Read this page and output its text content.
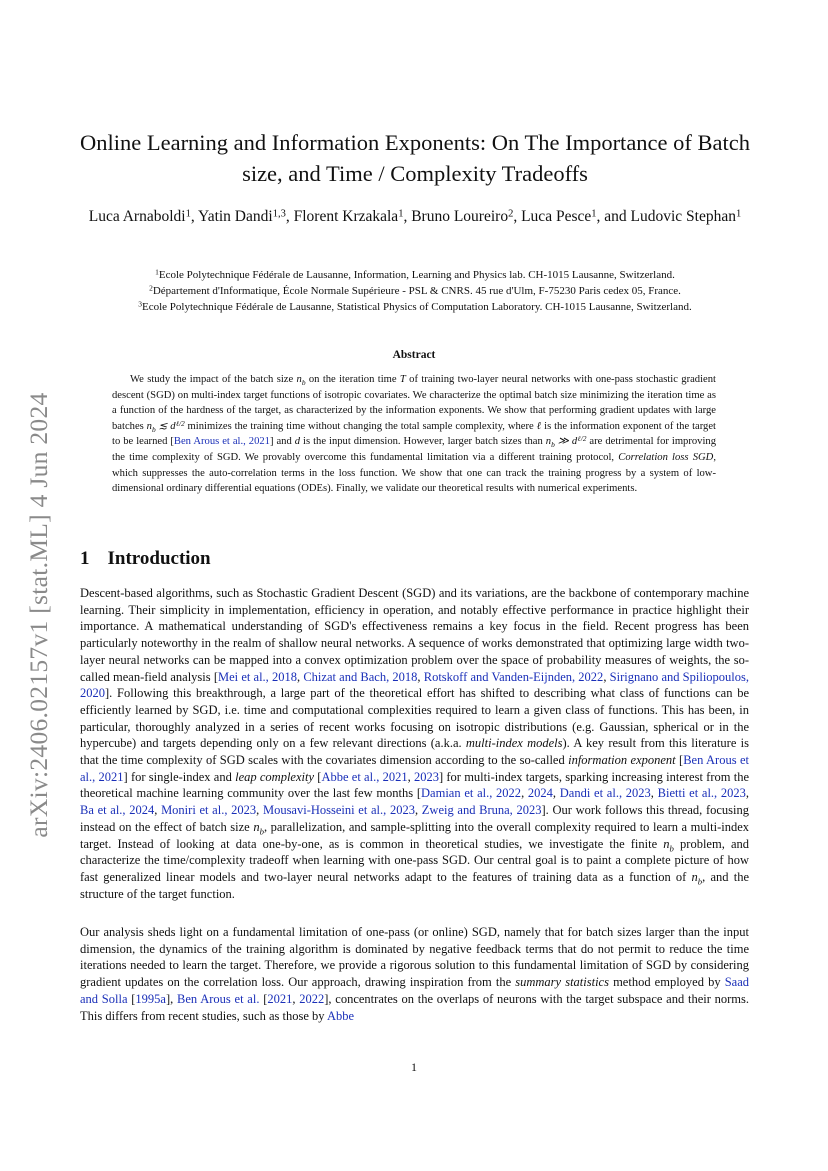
arXiv:2406.02157v1 [stat.ML] 4 Jun 2024
Online Learning and Information Exponents: On The Importance of Batch size, and Time / Complexity Tradeoffs

Luca Arnaboldi$^1$, Yatin Dandi$^{1,3}$, Florent Krzakala$^1$, Bruno Loureiro$^2$, Luca Pesce$^1$, and Ludovic Stephan$^1$

$^1$Ecole Polytechnique Fédérale de Lausanne, Information, Learning and Physics lab. CH-1015 Lausanne, Switzerland.
$^2$Département d'Informatique, École Normale Supérieure - PSL & CNRS. 45 rue d'Ulm, F-75230 Paris cedex 05, France.
$^3$Ecole Polytechnique Fédérale de Lausanne, Statistical Physics of Computation Laboratory. CH-1015 Lausanne, Switzerland.
Abstract

We study the impact of the batch size $n_b$ on the iteration time T of training two-layer neural networks with one-pass stochastic gradient descent (SGD) on multi-index target functions of isotropic covariates. We characterize the optimal batch size minimizing the iteration time as a function of the hardness of the target, as characterized by the information exponents. We show that performing gradient updates with large batches $n_b$ ≲ $d^{\ell/2}$ minimizes the training time without changing the total sample complexity, where ℓ is the information exponent of the target to be learned [Ben Arous et al., 2021] and d is the input dimension. However, larger batch sizes than $n_b$ ≫ $d^{\ell/2}$ are detrimental for improving the time complexity of SGD. We provably overcome this fundamental limitation via a different training protocol, Correlation loss SGD, which suppresses the auto-correlation terms in the loss function. We show that one can track the training progress by a system of low-dimensional ordinary differential equations (ODEs). Finally, we validate our theoretical results with numerical experiments.

1 Introduction

Descent-based algorithms, such as Stochastic Gradient Descent (SGD) and its variations, are the backbone of contemporary machine learning. Their simplicity in implementation, efficiency in operation, and notably effective performance in practice highlight their importance. A mathematical understanding of SGD's effectiveness remains a key focus in the field. Recent progress has been particularly noteworthy in the realm of shallow neural networks. A sequence of works demonstrated that optimizing large width two-layer neural networks can be mapped into a convex optimization problem over the space of probability measures of weights, the so-called mean-field analysis [Mei et al., 2018, Chizat and Bach, 2018, Rotskoff and Vanden-Eijnden, 2022, Sirignano and Spiliopoulos, 2020]. Following this breakthrough, a large part of the theoretical effort has shifted to describing what class of functions can be efficiently learned by SGD, i.e. time and computational complexities required to learn a given class of functions. This has been, in particular, thoroughly analyzed in a series of recent works focusing on isotropic distributions (e.g. Gaussian, spherical or in the hypercube) and targets depending only on a few relevant directions (a.k.a. multi-index models). A key result from this literature is that the time complexity of SGD scales with the covariates dimension according to the so-called information exponent [Ben Arous et al., 2021] for single-index and leap complexity [Abbe et al., 2021, 2023] for multi-index targets, sparking increasing interest from the theoretical machine learning community over the last few months [Damian et al., 2022, 2024, Dandi et al., 2023, Bietti et al., 2023, Ba et al., 2024, Moniri et al., 2023, Mousavi-Hosseini et al., 2023, Zweig and Bruna, 2023]. Our work follows this thread, focusing instead on the effect of batch size $n_b$, parallelization, and sample-splitting into the overall complexity required to learn a multi-index target. Instead of looking at data one-by-one, as is common in theoretical studies, we investigate the finite $n_b$ problem, and characterize the time/complexity tradeoff when learning with one-pass SGD. Our central goal is to paint a complete picture of how fast generalized linear models and two-layer neural networks adapt to the features of training data as a function of $n_b$, and the structure of the target function.

Our analysis sheds light on a fundamental limitation of one-pass (or online) SGD, namely that for batch sizes larger than the input dimension, the dynamics of the training algorithm is dominated by negative feedback terms that do not permit to reduce the time iterations needed to learn the target. Therefore, we provide a rigorous solution to this fundamental limitation of SGD by considering gradient updates on the correlation loss. Our approach, drawing inspiration from the summary statistics method employed by Saad and Solla [1995a], Ben Arous et al. [2021, 2022], concentrates on the overlaps of neurons with the target subspace and their norms. This differs from recent studies, such as those by Abbe

1
